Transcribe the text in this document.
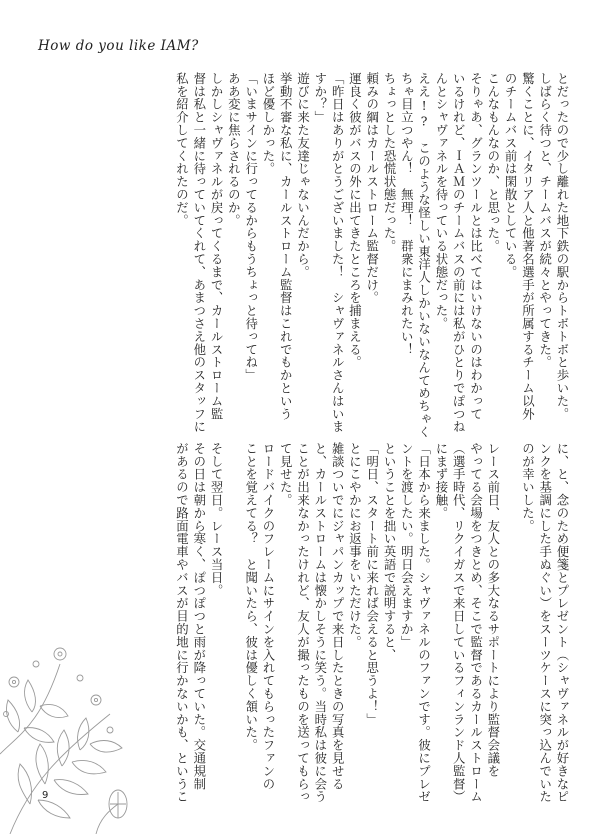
How do you like IAM?
とだったので少し離れた地下鉄の駅からトボトボと歩いた。
しばらく待つと、チームバスが続々とやってきた。
驚くことに、イタリア人と他著名選手が所属するチーム以外
のチームバス前は閑散としている。
こんなもんなのか、と思った。
そりゃあ、グランツールとは比べてはいけないのはわかって
いるけれど、ＩＡＭのチームバスの前には私がひとりでぽつね
んとシャヴァネルを待っている状態だった。
ええ!?　このような怪しい東洋人しかいないなんてめちゃく
ちゃ目立つやん！　無理！　群衆にまみれたい！
ちょっとした恐慌状態だった。
頼みの綱はカールストローム監督だけ。
運良く彼がバスの外に出てきたところを捕まえる。
「昨日はありがとうございました！　シャヴァネルさんはいま
すか？」
遊びに来た友達じゃないんだから。
挙動不審な私に、カールストローム監督はこれでもかという
ほど優しかった。
「いまサインに行ってるからもうちょっと待ってね」
ああ変に焦らされるのか。
しかしシャヴァネルが戻ってくるまで、カールストローム監
督は私と一緒に待っていてくれて、あまつさえ他のスタッフに
私を紹介してくれたのだ。
に、と、念のため便箋とプレゼント（シャヴァネルが好きなピ
ンクを基調にした手ぬぐい）をスーツケースに突っ込んでいた
のが幸いした。

レース前日、友人との多大なるサポートにより監督会議を
やってる会場をつきとめ、そこで監督であるカールストローム
（選手時代、リクイガスで来日しているフィンランド人監督）
にまず接触。
「日本から来ました。シャヴァネルのファンです。彼にプレゼ
ントを渡したい。明日会えますか」
ということを拙い英語で説明すると、
「明日、スタート前に来れば会えると思うよ！」
とにこやかにお返事をいただけた。
雑談ついでにジャパンカップで来日したときの写真を見せる
と、カールストロームは懐かしそうに笑う。当時私は彼に会う
ことが出来なかったけれど、友人が撮ったものを送ってもらっ
て見せた。
ロードバイクのフレームにサインを入れてもらったファンの
ことを覚えてる？　と聞いたら、彼は優しく頷いた。

そして翌日。レース当日。
その日は朝から寒く、ぽつぽつと雨が降っていた。交通規制
があるので路面電車やバスが目的地に行かないかも、というこ
9
